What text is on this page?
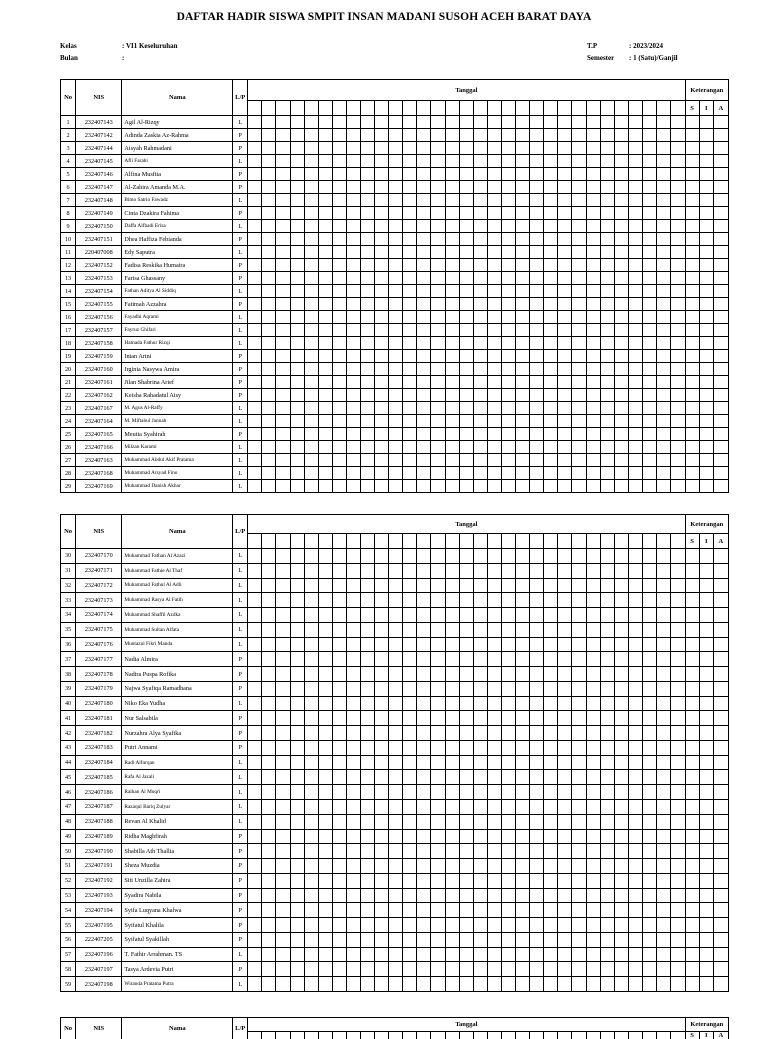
DAFTAR HADIR SISWA SMPIT INSAN MADANI SUSOH ACEH BARAT DAYA
Kelas	: VI1 Keseluruhan
Bulan	:
T.P	: 2023/2024
Semester	: 1 (Satu)/Ganjil
No	NIS	Nama	L/P	Tanggal																															Keterangan		
																																			S	I	A
1	232407143	Agil Al-Rizqy	L																																		
2	232407142	Adinda Zaskia Az-Rahma	P																																		
3	232407144	Aisyah Rahmadani	P																																		
4	232407145	Afli Farabi	L																																		
5	232407146	Alfina Musfita	P																																		
6	232407147	Al-Zahira Amanda M.A.	P																																		
7	232407148	Bimo Satrio Fawadz	L																																		
8	232407149	Cinta Dzakira Fahima	P																																		
9	232407150	Daffa Alfhadi Erisa	L																																		
10	232407151	Dhea Haffiza Febianda	P																																		
11	220407008	Edy Saputra	L																																		
12	232407152	Fadisa Reskika Humaira	P																																		
13	232407153	Farisa Ghassany	P																																		
14	232407154	Fathan Aditya Al Siddiq	L																																		
15	232407155	Fatimah Azzahra	P																																		
16	232407156	Fayadhi Aqrami	L																																		
17	232407157	Fayruz Ghifari	L																																		
18	232407158	Hamada Fathur Rizqi	L																																		
19	232407159	Intan Arini	P																																		
20	232407160	Irginia Nasywa Amira	P																																		
21	232407161	Jilan Shabrina Arief	P																																		
22	232407162	Keisha Rahadatul Aisy	P																																		
23	232407167	M. Agus Al-Raffy	L																																		
24	232407164	M. Miftahul Jannah	L																																		
25	232407165	Meutia Syahirah	P																																		
26	232407166	Milzan Karami	L																																		
27	232407163	Muhammad Abdul Akif Pratama	L																																		
28	232407168	Muhammad Arsyad Fino	L																																		
29	232407169	Muhammad Danish Akbar	L																																		
No	NIS	Nama	L/P	Tanggal																															Keterangan		
																																			S	I	A
30	232407170	Muhammad Fathan Al Azazi	L																																		
31	232407171	Muhammad Fathie Al Thaf	L																																		
32	232407172	Muhammad Fathul Al Adli	L																																		
33	232407173	Muhammad Rasya Al Fatih	L																																		
34	232407174	Muhammad Shaffil Azdka	L																																		
35	232407175	Muhammad Sultan Alfata	L																																		
36	232407176	Muntazul Fikri Manda	L																																		
37	232407177	Nadia Almira	P																																		
38	232407178	Nadira Puspa Rofika	P																																		
39	232407179	Najwa Syafiqa Ramadhana	P																																		
40	232407180	Niko Eka Yudha	L																																		
41	232407181	Nur Salsabila	P																																		
42	232407182	Nurzahra Alya Syafika	P																																		
43	232407183	Putri Annami	P																																		
44	232407184	Radi Alfurqan	L																																		
45	232407185	Rafa Al Jazali	L																																		
46	232407186	Raihan Al Muqri	L																																		
47	232407187	Razaqul Bariq Zulyar	L																																		
48	232407188	Revan Al Khalid	L																																		
49	232407189	Ridha Maghfirah	P																																		
50	232407190	Shabilla Ath Thallia	P																																		
51	232407191	Sheza Muzdia	P																																		
52	232407192	Siti Unzilla Zahira	P																																		
53	232407193	Syadira Nabila	P																																		
54	232407194	Syifa Luqyana Khalwa	P																																		
55	232407195	Syifatul Khalila	P																																		
56	222407205	Syifatul Syakillah	P																																		
57	232407196	T. Fathir Arrahman. TS	L																																		
58	232407197	Tasya Ardevia Putri	P																																		
59	232407198	Wiranda Pratama Putra	L																																		
No	NIS	Nama	L/P	Tanggal																															Keterangan		
																																			S	I	A
